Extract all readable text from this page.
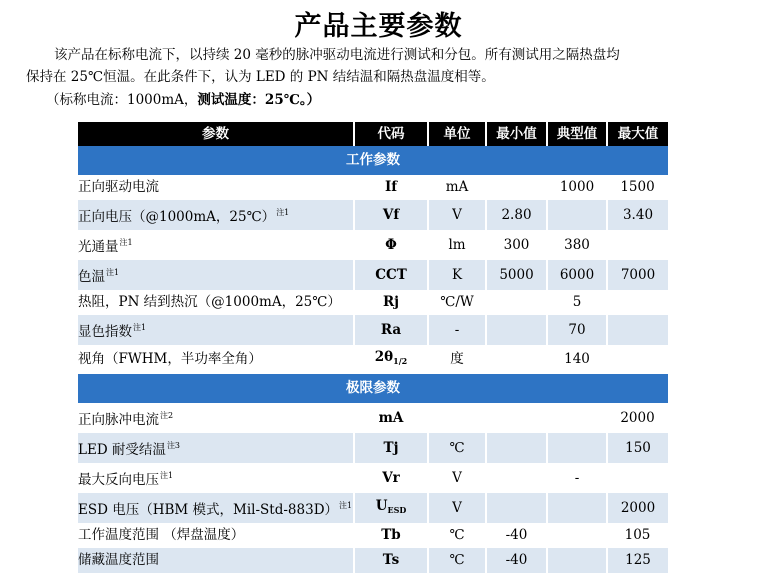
产品主要参数

该产品在标称电流下，以持续 20 毫秒的脉冲驱动电流进行测试和分包。所有测试用之隔热盘均

保持在 25℃恒温。在此条件下，认为 LED 的 PN 结结温和隔热盘温度相等。

（标称电流：1000mA，测试温度：25℃。）
参数	代码	单位	最小值	典型值	最大值
工作参数					
正向驱动电流	If	mA		1000	1500
正向电压（@1000mA，25℃）$^{注1}$	Vf	V	2.80		3.40
光通量$^{注1}$	Φ	lm	300	380	
色温$^{注1}$	CCT	K	5000	6000	7000
热阻，PN 结到热沉（@1000mA，25℃）	Rj	℃/W		5	
显色指数$^{注1}$	Ra	-		70	
视角（FWHM，半功率全角）	$2\theta_{1/2}$	度		140	
极限参数					
正向脉冲电流$^{注2}$	mA				2000
LED 耐受结温$^{注3}$	Tj	℃			150
最大反向电压$^{注1}$	Vr	V		-	
ESD 电压（HBM 模式，Mil-Std-883D）$^{注1}$	$U_{ESD}$	V			2000
工作温度范围 （焊盘温度）	Tb	℃	-40		105
储藏温度范围	Ts	℃	-40		125
